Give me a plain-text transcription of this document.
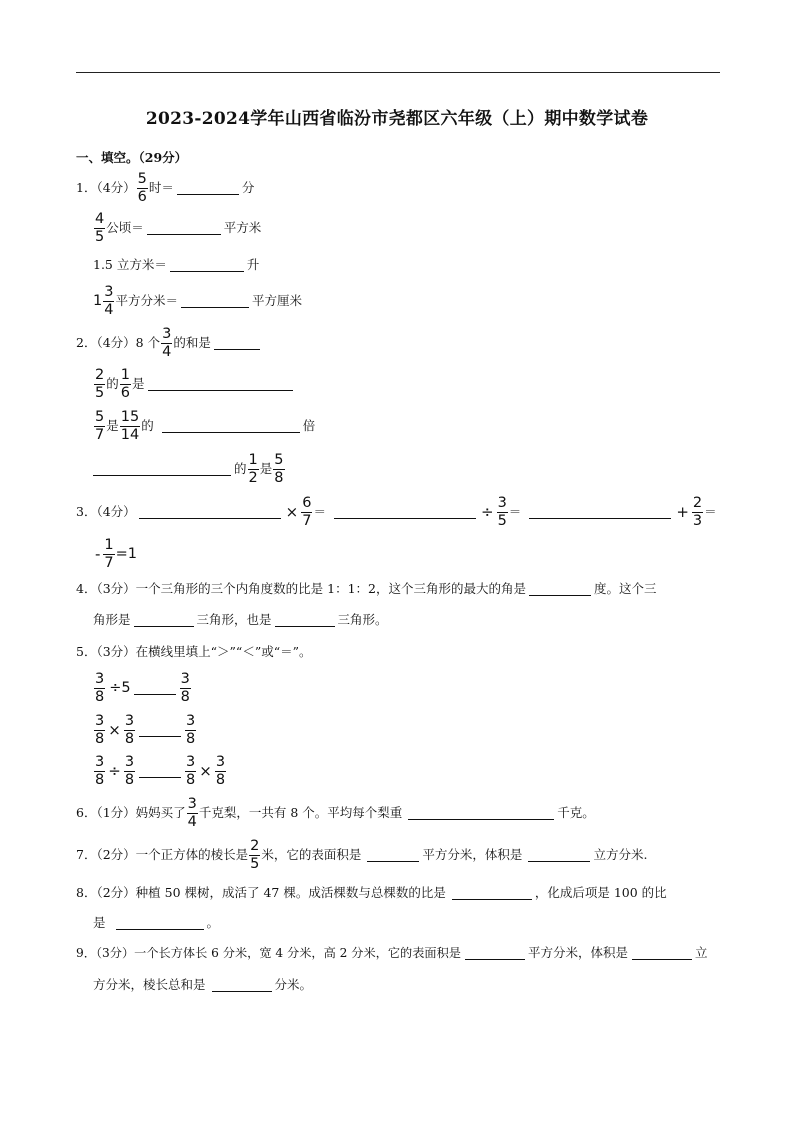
2023-2024学年山西省临汾市尧都区六年级（上）期中数学试卷
一、填空。（29分）
1．（4分） $\frac{5}{6}$ 时＝	分
$\frac{4}{5}$ 公顷＝	平方米
1.5 立方米＝	升
$1 \frac{3}{4}$ 平方分米＝	平方厘米
2．（4分） 8 个 $\frac{3}{4}$ 的和是
$\frac{2}{5}$ 的 $\frac{1}{6}$ 是
$\frac{5}{7}$ 是 $\frac{15}{14}$ 的	倍
的 $\frac{1}{2}$ 是 $\frac{5}{8}$
3．（4分）	× $\frac{6}{7}$ ＝	÷ $\frac{3}{5}$ ＝	+ $\frac{2}{3}$ ＝
- $\frac{1}{7} =1$
4．（3分）一个三角形的三个内角度数的比是 1：1：2，这个三角形的最大的角是	度。这个三
角形是	三角形，也是	三角形。
5．（3分）在横线里填上“＞”“＜”或“＝”。
$\frac{3}{8} \div 5$	$\frac{3}{8}$
$\frac{3}{8} \times \frac{3}{8}$	$\frac{3}{8}$
$\frac{3}{8} \div \frac{3}{8}$	$\frac{3}{8} \times \frac{3}{8}$
6．（1分）妈妈买了 $\frac{3}{4}$ 千克梨，一共有 8 个。平均每个梨重	千克。
7．（2分）一个正方体的棱长是 $\frac{2}{5}$ 米，它的表面积是	平方分米，体积是	立方分米.
8．（2分）种植 50 棵树，成活了 47 棵。成活棵数与总棵数的比是	，化成后项是 100 的比
是	。
9．（3分）一个长方体长 6 分米，宽 4 分米，高 2 分米，它的表面积是	平方分米，体积是	立
方分米，棱长总和是	分米。
